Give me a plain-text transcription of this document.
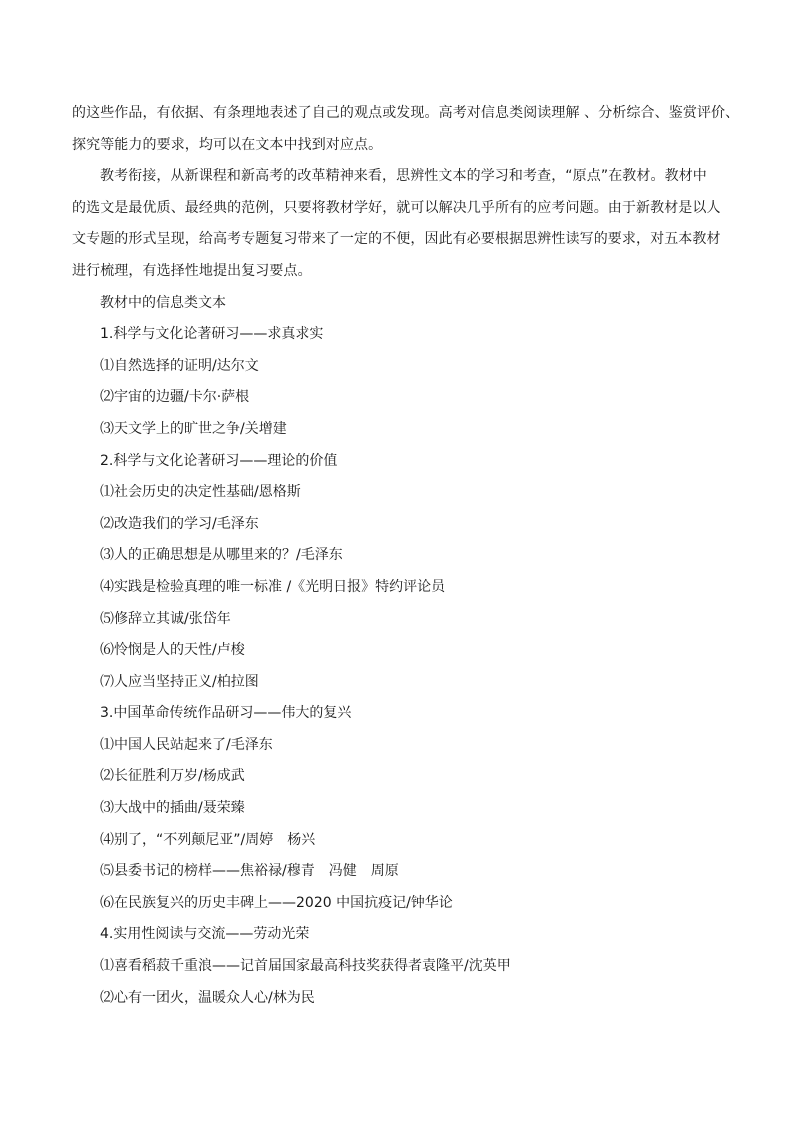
的这些作品，有依据、有条理地表述了自己的观点或发现。高考对信息类阅读理解 、分析综合、鉴赏评价、

探究等能力的要求，均可以在文本中找到对应点。

教考衔接，从新课程和新高考的改革精神来看，思辨性文本的学习和考查，“原点”在教材。教材中

的选文是最优质、最经典的范例，只要将教材学好，就可以解决几乎所有的应考问题。由于新教材是以人

文专题的形式呈现，给高考专题复习带来了一定的不便，因此有必要根据思辨性读写的要求，对五本教材

进行梳理，有选择性地提出复习要点。

教材中的信息类文本
1.科学与文化论著研习——求真求实
⑴自然选择的证明/达尔文
⑵宇宙的边疆/卡尔·萨根
⑶天文学上的旷世之争/关增建
2.科学与文化论著研习——理论的价值
⑴社会历史的决定性基础/恩格斯
⑵改造我们的学习/毛泽东
⑶人的正确思想是从哪里来的？/毛泽东
⑷实践是检验真理的唯一标准 /《光明日报》特约评论员
⑸修辞立其诚/张岱年
⑹怜悯是人的天性/卢梭
⑺人应当坚持正义/柏拉图
3.中国革命传统作品研习——伟大的复兴
⑴中国人民站起来了/毛泽东
⑵长征胜利万岁/杨成武
⑶大战中的插曲/聂荣臻
⑷别了，“不列颠尼亚”/周婷　杨兴
⑸县委书记的榜样——焦裕禄/穆青　冯健　周原
⑹在民族复兴的历史丰碑上——2020 中国抗疫记/钟华论
4.实用性阅读与交流——劳动光荣
⑴喜看稻菽千重浪——记首届国家最高科技奖获得者袁隆平/沈英甲
⑵心有一团火，温暖众人心/林为民
